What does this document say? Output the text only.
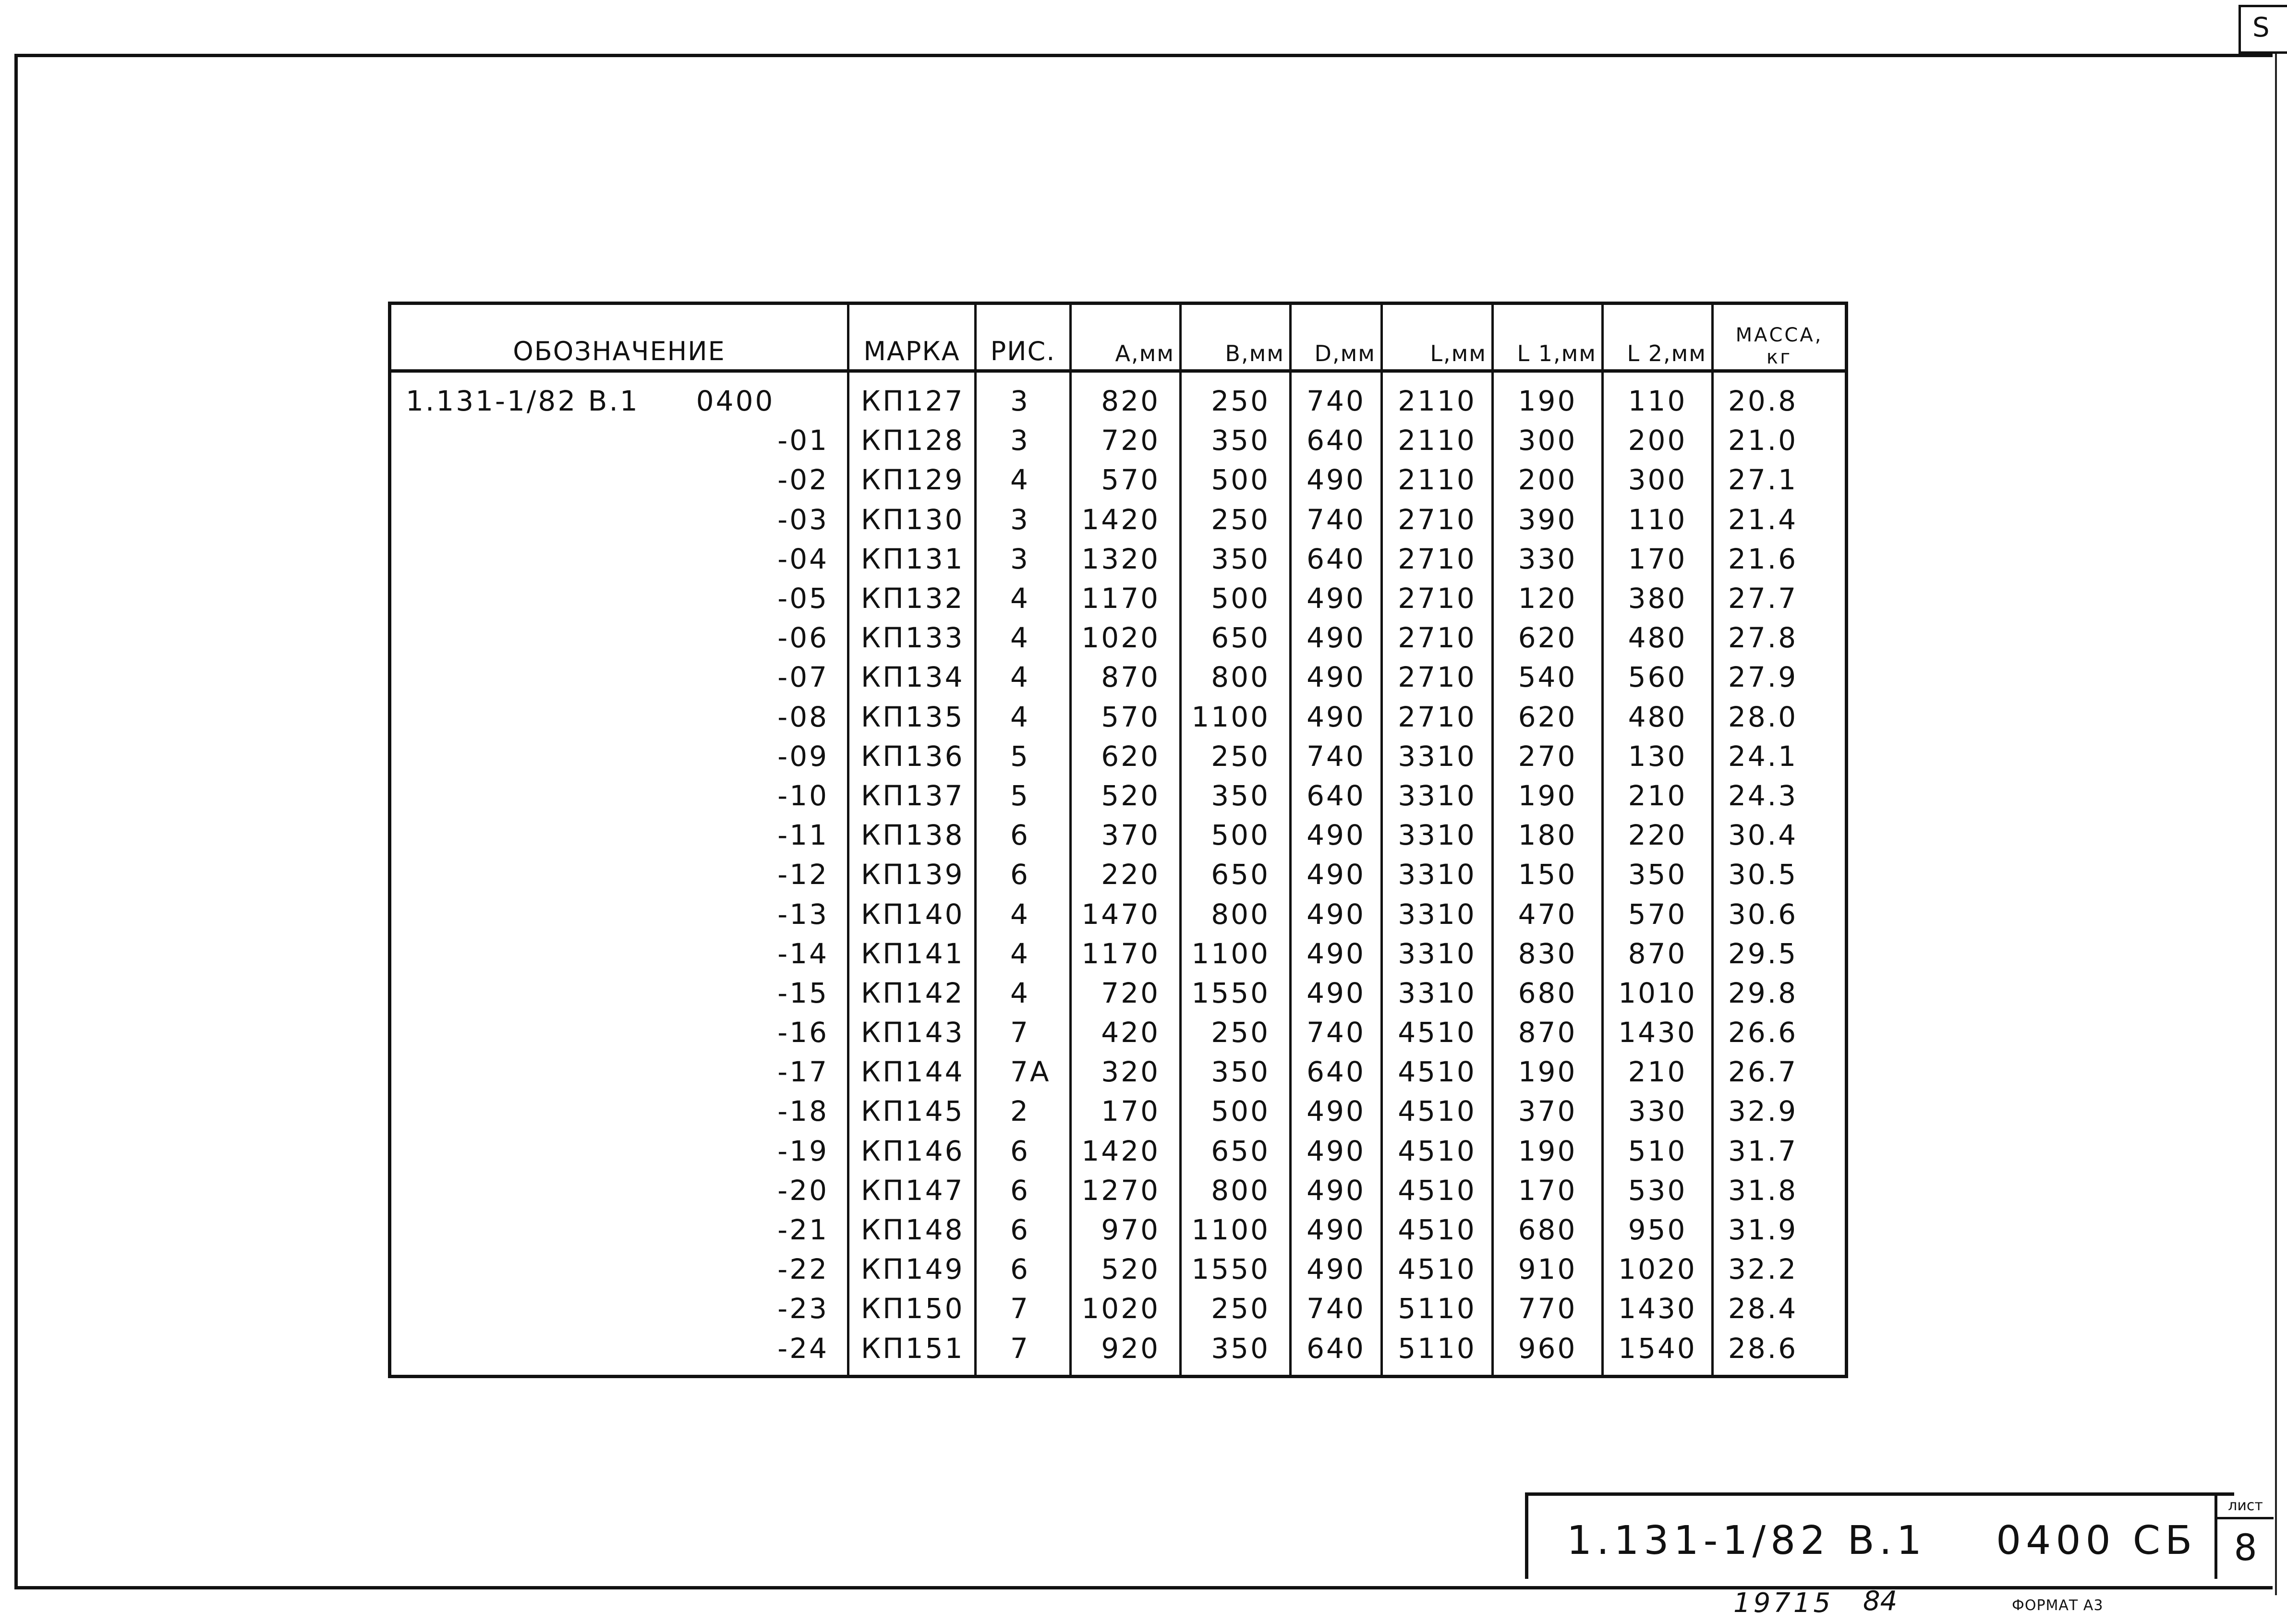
S
ОБОЗНАЧЕНИЕ	МАРКА	РИС.	A,мм	B,мм	D,мм	L,мм	L 1,мм	L 2,мм	МАССА,
кг
1.131-1/82 В.1 0400	КП127	3	820	250	740	2110	190	110	20.8
-01	КП128	3	720	350	640	2110	300	200	21.0
-02	КП129	4	570	500	490	2110	200	300	27.1
-03	КП130	3	1420	250	740	2710	390	110	21.4
-04	КП131	3	1320	350	640	2710	330	170	21.6
-05	КП132	4	1170	500	490	2710	120	380	27.7
-06	КП133	4	1020	650	490	2710	620	480	27.8
-07	КП134	4	870	800	490	2710	540	560	27.9
-08	КП135	4	570	1100	490	2710	620	480	28.0
-09	КП136	5	620	250	740	3310	270	130	24.1
-10	КП137	5	520	350	640	3310	190	210	24.3
-11	КП138	6	370	500	490	3310	180	220	30.4
-12	КП139	6	220	650	490	3310	150	350	30.5
-13	КП140	4	1470	800	490	3310	470	570	30.6
-14	КП141	4	1170	1100	490	3310	830	870	29.5
-15	КП142	4	720	1550	490	3310	680	1010	29.8
-16	КП143	7	420	250	740	4510	870	1430	26.6
-17	КП144	7А	320	350	640	4510	190	210	26.7
-18	КП145	2	170	500	490	4510	370	330	32.9
-19	КП146	6	1420	650	490	4510	190	510	31.7
-20	КП147	6	1270	800	490	4510	170	530	31.8
-21	КП148	6	970	1100	490	4510	680	950	31.9
-22	КП149	6	520	1550	490	4510	910	1020	32.2
-23	КП150	7	1020	250	740	5110	770	1430	28.4
-24	КП151	7	920	350	640	5110	960	1540	28.6
1.131-1/82 В.1 0400 СБ
лист
8
19715 84	ФОРМАТ А3
